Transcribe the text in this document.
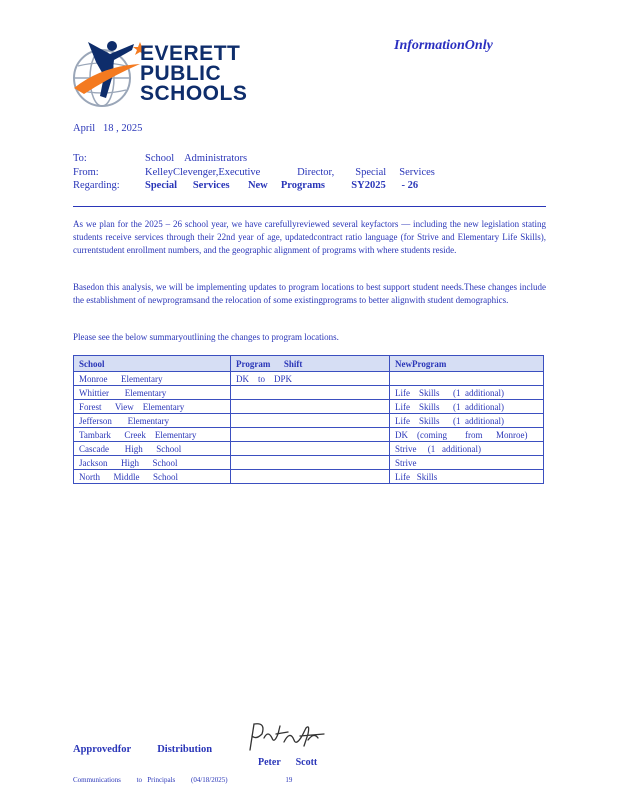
EVERETT
PUBLIC
SCHOOLS
InformationOnly
April   18 , 2025
To:	School    Administrators
From:	KelleyClevenger,Executive              Director,        Special     Services
Regarding:	Special      Services       New     Programs          SY2025      - 26
As we plan for the 2025 – 26 school year, we have carefullyreviewed several keyfactors — including the new legislation stating students receive services through their 22nd year of age, updatedcontract ratio language (for Strive and Elementary Life Skills), currentstudent enrollment numbers, and the geographic alignment of programs with where students reside.
Basedon this analysis, we will be implementing updates to program locations to best support student needs.These changes include the establishment of newprogramsand the relocation of some existingprograms to better alignwith student demographics.
Please see the below summaryoutlining the changes to program locations.
School	Program      Shift	NewProgram
Monroe      Elementary	DK    to    DPK	
Whittier       Elementary		Life    Skills      (1  additional)
Forest      View    Elementary		Life    Skills      (1  additional)
Jefferson       Elementary		Life    Skills      (1  additional)
Tambark      Creek    Elementary		DK    (coming        from      Monroe)
Cascade       High      School		Strive     (1   additional)
Jackson      High      School		Strive
North      Middle      School		Life   Skills
Approvedfor          Distribution
Peter      Scott
Communications         to   Principals         (04/18/2025)                                 19
